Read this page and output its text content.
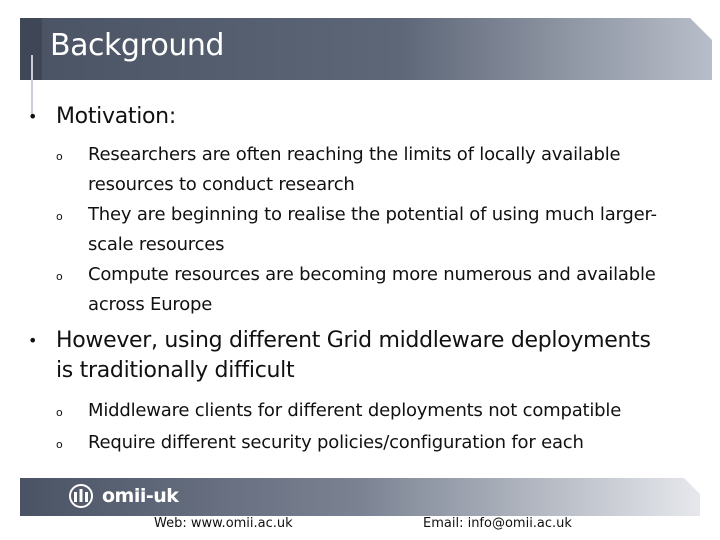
Background
• Motivation:
o	Researchers are often reaching the limits of locally available
resources to conduct research
o	They are beginning to realise the potential of using much larger-
scale resources
o	Compute resources are becoming more numerous and available
across Europe
• However, using different Grid middleware deployments
is traditionally difficult
o	Middleware clients for different deployments not compatible
o	Require different security policies/configuration for each
omii-uk
Web: www.omii.ac.uk	Email: info@omii.ac.uk
